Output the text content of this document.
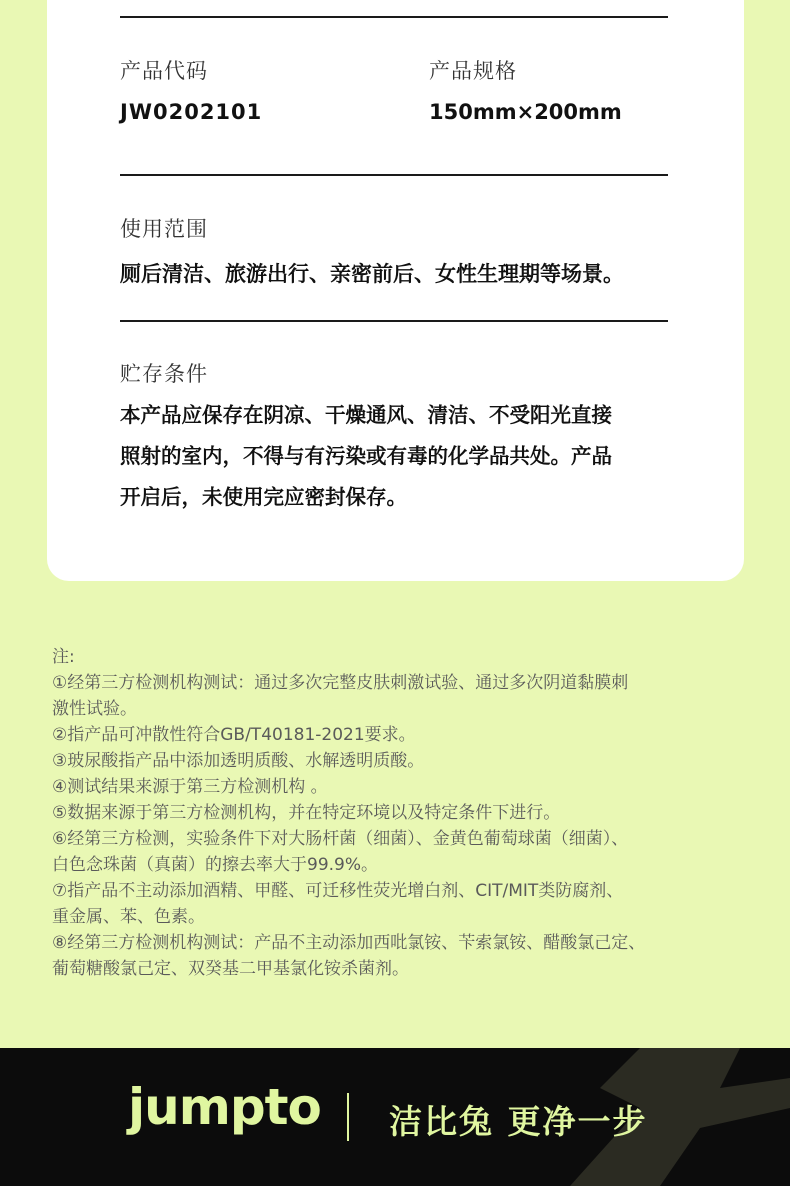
产品代码
JW0202101
产品规格
150mm×200mm
使用范围
厕后清洁、旅游出行、亲密前后、女性生理期等场景。
贮存条件
本产品应保存在阴凉、干燥通风、清洁、不受阳光直接
照射的室内，不得与有污染或有毒的化学品共处。产品
开启后，未使用完应密封保存。
注:
①经第三方检测机构测试：通过多次完整皮肤刺激试验、通过多次阴道黏膜刺
激性试验。
②指产品可冲散性符合GB/T40181-2021要求。
③玻尿酸指产品中添加透明质酸、水解透明质酸。
④测试结果来源于第三方检测机构 。
⑤数据来源于第三方检测机构，并在特定环境以及特定条件下进行。
⑥经第三方检测，实验条件下对大肠杆菌（细菌）、金黄色葡萄球菌（细菌）、
白色念珠菌（真菌）的擦去率大于99.9%。
⑦指产品不主动添加酒精、甲醛、可迁移性荧光增白剂、CIT/MIT类防腐剂、
重金属、苯、色素。
⑧经第三方检测机构测试：产品不主动添加西吡氯铵、苄索氯铵、醋酸氯己定、
葡萄糖酸氯己定、双癸基二甲基氯化铵杀菌剂。
jumpto 洁比兔 更净一步
